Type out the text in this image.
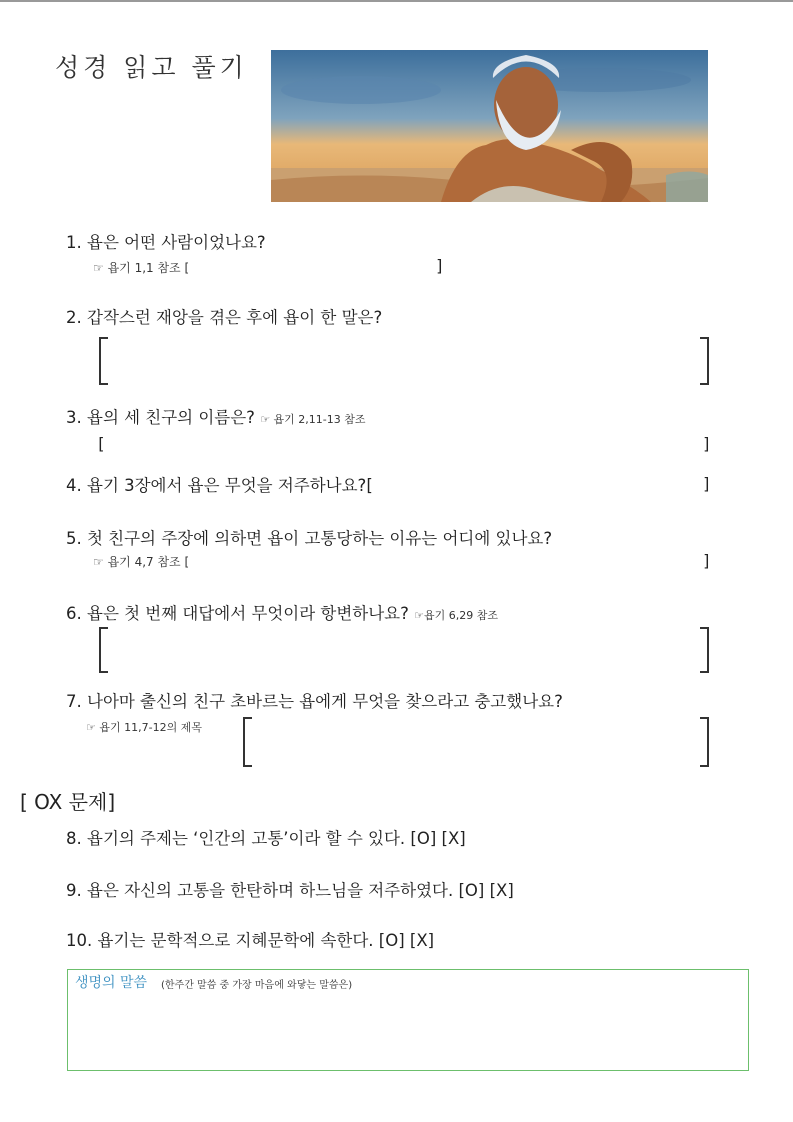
성경 읽고 풀기
1. 욥은 어떤 사람이었나요?
☞ 욥기 1,1 참조 [	]
2. 갑작스런 재앙을 겪은 후에 욥이 한 말은?
3. 욥의 세 친구의 이름은? ☞ 욥기 2,11-13 참조
[	]
4. 욥기 3장에서 욥은 무엇을 저주하나요?[	]
5. 첫 친구의 주장에 의하면 욥이 고통당하는 이유는 어디에 있나요?
☞ 욥기 4,7 참조 [	]
6. 욥은 첫 번째 대답에서 무엇이라 항변하나요? ☞욥기 6,29 참조
7. 나아마 출신의 친구 초바르는 욥에게 무엇을 찾으라고 충고했나요?
☞ 욥기 11,7-12의 제목
[ OX 문제]
8. 욥기의 주제는 ‘인간의 고통’이라 할 수 있다. [O] [X]
9. 욥은 자신의 고통을 한탄하며 하느님을 저주하였다. [O] [X]
10. 욥기는 문학적으로 지혜문학에 속한다. [O] [X]
생명의 말씀 (한주간 말씀 중 가장 마음에 와닿는 말씀은)
